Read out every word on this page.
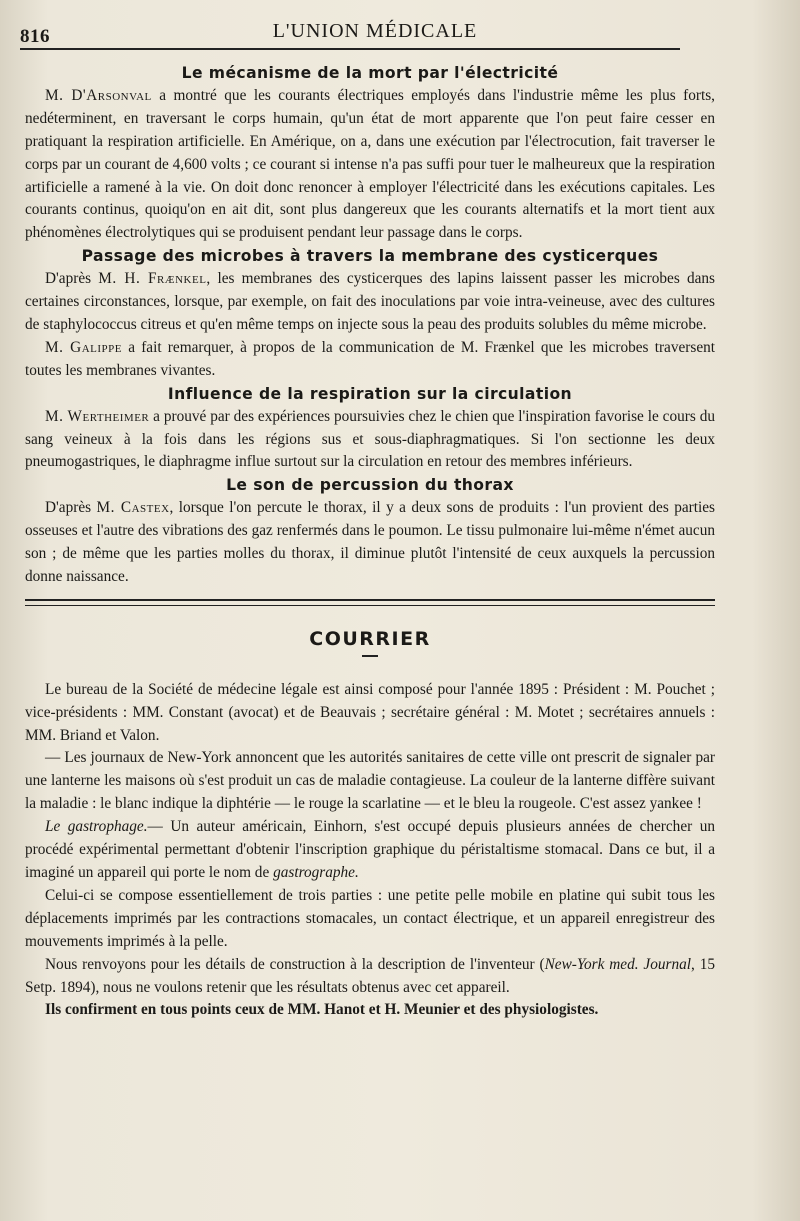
816	L'UNION MÉDICALE
Le mécanisme de la mort par l'électricité

M. D'Arsonval a montré que les courants électriques employés dans l'industrie même les plus forts, nedéterminent, en traversant le corps humain, qu'un état de mort apparente que l'on peut faire cesser en pratiquant la respiration artificielle. En Amérique, on a, dans une exécution par l'électrocution, fait traverser le corps par un courant de 4,600 volts ; ce courant si intense n'a pas suffi pour tuer le malheureux que la respiration artificielle a ramené à la vie. On doit donc renoncer à employer l'électricité dans les exécutions capitales. Les courants continus, quoiqu'on en ait dit, sont plus dangereux que les courants alternatifs et la mort tient aux phénomènes électrolytiques qui se produisent pendant leur passage dans le corps.

Passage des microbes à travers la membrane des cysticerques

D'après M. H. Frænkel, les membranes des cysticerques des lapins laissent passer les microbes dans certaines circonstances, lorsque, par exemple, on fait des inoculations par voie intra-veineuse, avec des cultures de staphylococcus citreus et qu'en même temps on injecte sous la peau des produits solubles du même microbe.

M. Galippe a fait remarquer, à propos de la communication de M. Frænkel que les microbes traversent toutes les membranes vivantes.

Influence de la respiration sur la circulation

M. Wertheimer a prouvé par des expériences poursuivies chez le chien que l'inspiration favorise le cours du sang veineux à la fois dans les régions sus et sous-diaphragmatiques. Si l'on sectionne les deux pneumogastriques, le diaphragme influe surtout sur la circulation en retour des membres inférieurs.

Le son de percussion du thorax

D'après M. Castex, lorsque l'on percute le thorax, il y a deux sons de produits : l'un provient des parties osseuses et l'autre des vibrations des gaz renfermés dans le poumon. Le tissu pulmonaire lui-même n'émet aucun son ; de même que les parties molles du thorax, il diminue plutôt l'intensité de ceux auxquels la percussion donne naissance.

COURRIER

Le bureau de la Société de médecine légale est ainsi composé pour l'année 1895 : Président : M. Pouchet ; vice-présidents : MM. Constant (avocat) et de Beauvais ; secrétaire général : M. Motet ; secrétaires annuels : MM. Briand et Valon.

— Les journaux de New-York annoncent que les autorités sanitaires de cette ville ont prescrit de signaler par une lanterne les maisons où s'est produit un cas de maladie contagieuse. La couleur de la lanterne diffère suivant la maladie : le blanc indique la diphtérie — le rouge la scarlatine — et le bleu la rougeole. C'est assez yankee !

Le gastrophage.— Un auteur américain, Einhorn, s'est occupé depuis plusieurs années de chercher un procédé expérimental permettant d'obtenir l'inscription graphique du péristaltisme stomacal. Dans ce but, il a imaginé un appareil qui porte le nom de gastrographe.

Celui-ci se compose essentiellement de trois parties : une petite pelle mobile en platine qui subit tous les déplacements imprimés par les contractions stomacales, un contact électrique, et un appareil enregistreur des mouvements imprimés à la pelle.

Nous renvoyons pour les détails de construction à la description de l'inventeur (New-York med. Journal, 15 Setp. 1894), nous ne voulons retenir que les résultats obtenus avec cet appareil.

Ils confirment en tous points ceux de MM. Hanot et H. Meunier et des physiologistes.
